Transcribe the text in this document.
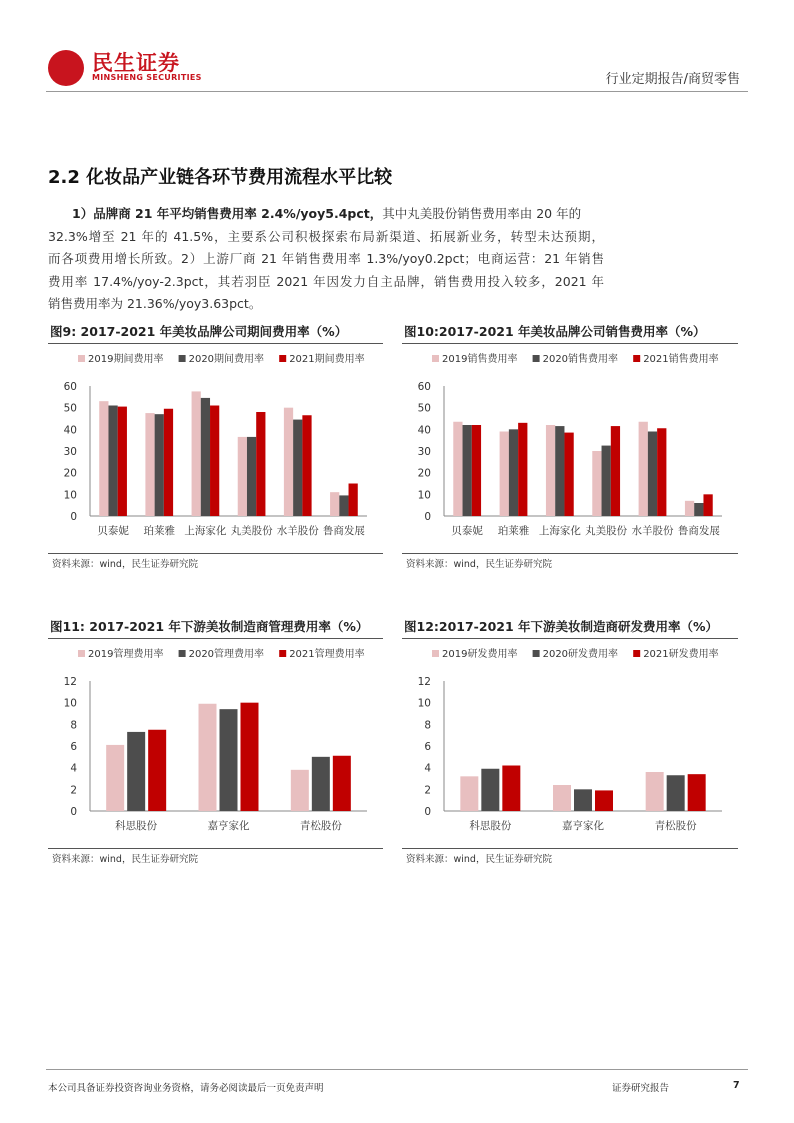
民生证券
MINSHENG SECURITIES	行业定期报告/商贸零售
2.2 化妆品产业链各环节费用流程水平比较
1）品牌商 21 年平均销售费用率 2.4%/yoy5.4pct，其中丸美股份销售费用率由 20 年的
32.3%增至 21 年的 41.5%，主要系公司积极探索布局新渠道、拓展新业务，转型未达预期，
而各项费用增长所致。2）上游厂商 21 年销售费用率 1.3%/yoy0.2pct；电商运营：21 年销售
费用率 17.4%/yoy-2.3pct，其若羽臣 2021 年因发力自主品牌，销售费用投入较多，2021 年
销售费用率为 21.36%/yoy3.63pct。
图9: 2017-2021 年美妆品牌公司期间费用率（%）
2019期间费用率	2020期间费用率	2021期间费用率
0
10
20
30
40
50
60
贝泰妮 珀莱雅 上海家化 丸美股份 水羊股份 鲁商发展
资料来源：wind，民生证券研究院
图10:2017-2021 年美妆品牌公司销售费用率（%）
2019销售费用率	2020销售费用率	2021销售费用率
0
10
20
30
40
50
60
贝泰妮 珀莱雅 上海家化 丸美股份 水羊股份 鲁商发展
资料来源：wind，民生证券研究院
图11: 2017-2021 年下游美妆制造商管理费用率（%）
2019管理费用率	2020管理费用率	2021管理费用率
0
2
4
6
8
10
12
科思股份	嘉亨家化	青松股份
资料来源：wind，民生证券研究院
图12:2017-2021 年下游美妆制造商研发费用率（%）
2019研发费用率	2020研发费用率	2021研发费用率
0
2
4
6
8
10
12
科思股份	嘉亨家化	青松股份
资料来源：wind，民生证券研究院
本公司具备证券投资咨询业务资格，请务必阅读最后一页免责声明	证券研究报告	7
